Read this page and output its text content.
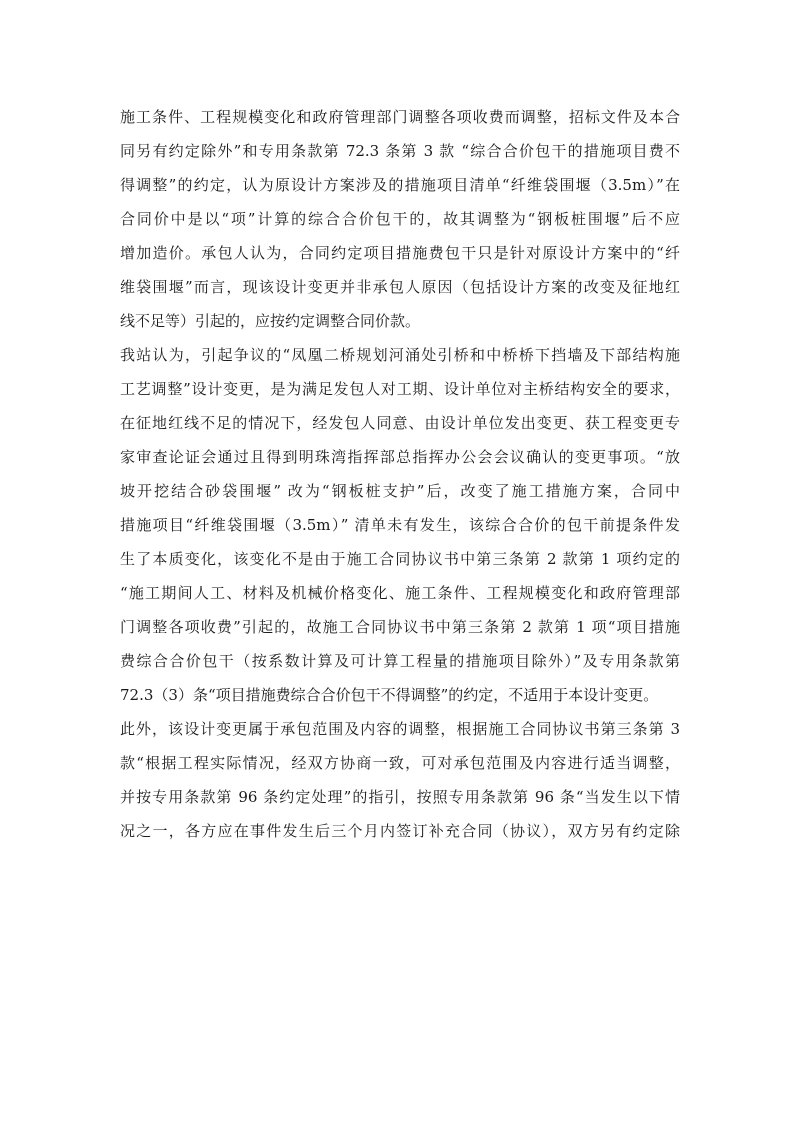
施工条件、工程规模变化和政府管理部门调整各项收费而调整，招标文件及本合
同另有约定除外”和专用条款第 72.3 条第 3 款 “综合合价包干的措施项目费不
得调整”的约定，认为原设计方案涉及的措施项目清单“纤维袋围堰（3.5m）”在
合同价中是以“项”计算的综合合价包干的，故其调整为“钢板桩围堰”后不应
增加造价。承包人认为，合同约定项目措施费包干只是针对原设计方案中的“纤
维袋围堰”而言，现该设计变更并非承包人原因（包括设计方案的改变及征地红
线不足等）引起的，应按约定调整合同价款。
我站认为，引起争议的“凤凰二桥规划河涌处引桥和中桥桥下挡墙及下部结构施
工艺调整”设计变更，是为满足发包人对工期、设计单位对主桥结构安全的要求，
在征地红线不足的情况下，经发包人同意、由设计单位发出变更、获工程变更专
家审查论证会通过且得到明珠湾指挥部总指挥办公会会议确认的变更事项。“放
坡开挖结合砂袋围堰” 改为“钢板桩支护”后，改变了施工措施方案，合同中
措施项目“纤维袋围堰（3.5m）” 清单未有发生，该综合合价的包干前提条件发
生了本质变化，该变化不是由于施工合同协议书中第三条第 2 款第 1 项约定的
“施工期间人工、材料及机械价格变化、施工条件、工程规模变化和政府管理部
门调整各项收费”引起的，故施工合同协议书中第三条第 2 款第 1 项“项目措施
费综合合价包干（按系数计算及可计算工程量的措施项目除外）”及专用条款第
72.3（3）条“项目措施费综合合价包干不得调整”的约定，不适用于本设计变更。
此外，该设计变更属于承包范围及内容的调整，根据施工合同协议书第三条第 3
款“根据工程实际情况，经双方协商一致，可对承包范围及内容进行适当调整，
并按专用条款第 96 条约定处理”的指引，按照专用条款第 96 条“当发生以下情
况之一，各方应在事件发生后三个月内签订补充合同（协议），双方另有约定除
